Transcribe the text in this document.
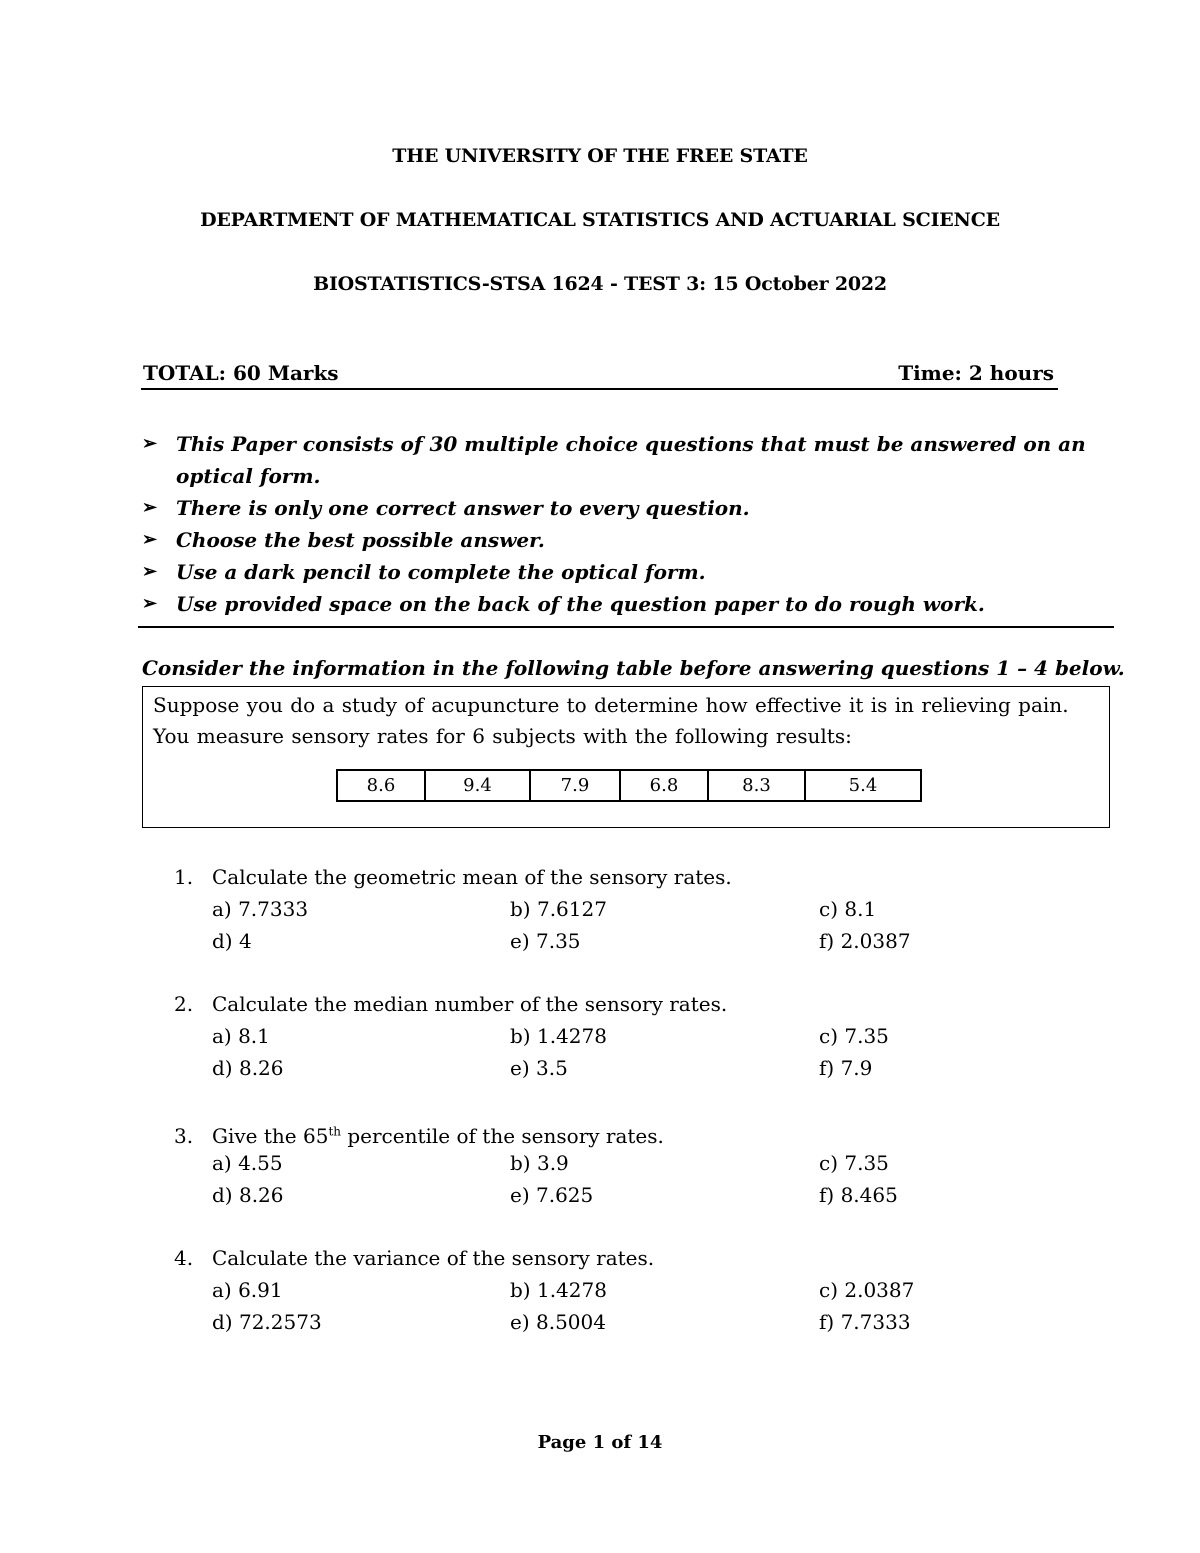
THE UNIVERSITY OF THE FREE STATE
DEPARTMENT OF MATHEMATICAL STATISTICS AND ACTUARIAL SCIENCE
BIOSTATISTICS-STSA 1624 - TEST 3: 15 October 2022
TOTAL: 60 Marks	Time: 2 hours
➢ This Paper consists of 30 multiple choice questions that must be answered on an optical form.
➢ There is only one correct answer to every question.
➢ Choose the best possible answer.
➢ Use a dark pencil to complete the optical form.
➢ Use provided space on the back of the question paper to do rough work.
Consider the information in the following table before answering questions 1 – 4 below.
Suppose you do a study of acupuncture to determine how effective it is in relieving pain. You measure sensory rates for 6 subjects with the following results:
8.6	9.4	7.9	6.8	8.3	5.4
1. Calculate the geometric mean of the sensory rates.
a) 7.7333	b) 7.6127	c) 8.1
d) 4	e) 7.35	f) 2.0387
2. Calculate the median number of the sensory rates.
a) 8.1	b) 1.4278	c) 7.35
d) 8.26	e) 3.5	f) 7.9
3. Give the 65th percentile of the sensory rates.
a) 4.55	b) 3.9	c) 7.35
d) 8.26	e) 7.625	f) 8.465
4. Calculate the variance of the sensory rates.
a) 6.91	b) 1.4278	c) 2.0387
d) 72.2573	e) 8.5004	f) 7.7333
Page 1 of 14
